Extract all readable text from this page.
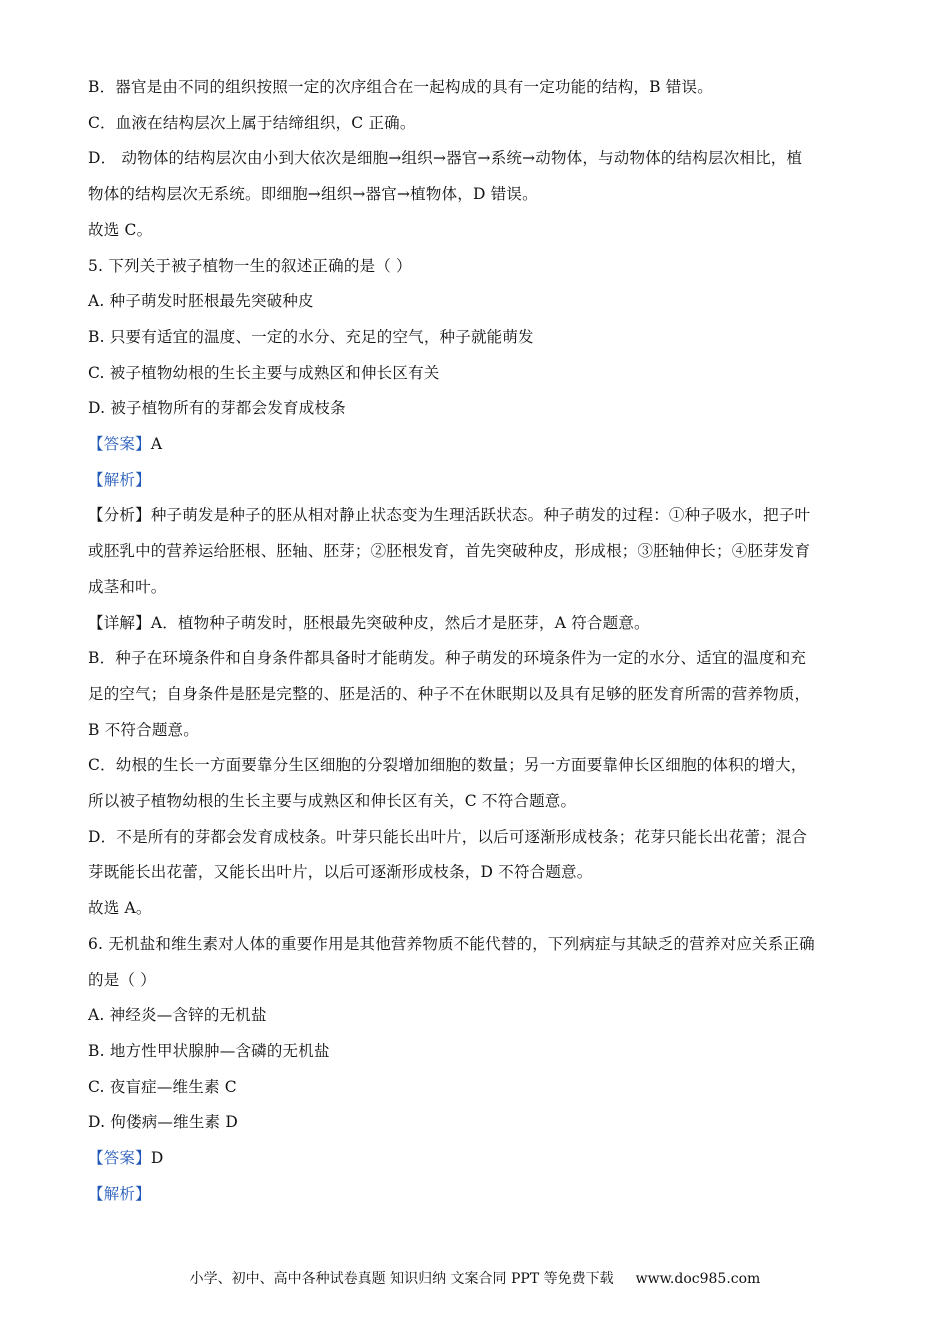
B．器官是由不同的组织按照一定的次序组合在一起构成的具有一定功能的结构，B 错误。
C．血液在结构层次上属于结缔组织，C 正确。
D． 动物体的结构层次由小到大依次是细胞→组织→器官→系统→动物体，与动物体的结构层次相比，植
物体的结构层次无系统。即细胞→组织→器官→植物体，D 错误。
故选 C。
5. 下列关于被子植物一生的叙述正确的是（ ）
A. 种子萌发时胚根最先突破种皮
B. 只要有适宜的温度、一定的水分、充足的空气，种子就能萌发
C. 被子植物幼根的生长主要与成熟区和伸长区有关
D. 被子植物所有的芽都会发育成枝条
【答案】A
【解析】
【分析】种子萌发是种子的胚从相对静止状态变为生理活跃状态。种子萌发的过程：①种子吸水，把子叶
或胚乳中的营养运给胚根、胚轴、胚芽；②胚根发育，首先突破种皮，形成根；③胚轴伸长；④胚芽发育
成茎和叶。
【详解】A．植物种子萌发时，胚根最先突破种皮，然后才是胚芽，A 符合题意。
B．种子在环境条件和自身条件都具备时才能萌发。种子萌发的环境条件为一定的水分、适宜的温度和充
足的空气；自身条件是胚是完整的、胚是活的、种子不在休眠期以及具有足够的胚发育所需的营养物质，
B 不符合题意。
C．幼根的生长一方面要靠分生区细胞的分裂增加细胞的数量；另一方面要靠伸长区细胞的体积的增大，
所以被子植物幼根的生长主要与成熟区和伸长区有关，C 不符合题意。
D．不是所有的芽都会发育成枝条。叶芽只能长出叶片，以后可逐渐形成枝条；花芽只能长出花蕾；混合
芽既能长出花蕾，又能长出叶片，以后可逐渐形成枝条，D 不符合题意。
故选 A。
6. 无机盐和维生素对人体的重要作用是其他营养物质不能代替的，下列病症与其缺乏的营养对应关系正确
的是（ ）
A. 神经炎—含锌的无机盐
B. 地方性甲状腺肿—含磷的无机盐
C. 夜盲症—维生素 C
D. 佝偻病—维生素 D
【答案】D
【解析】
小学、初中、高中各种试卷真题 知识归纳 文案合同 PPT 等免费下载 www.doc985.com
